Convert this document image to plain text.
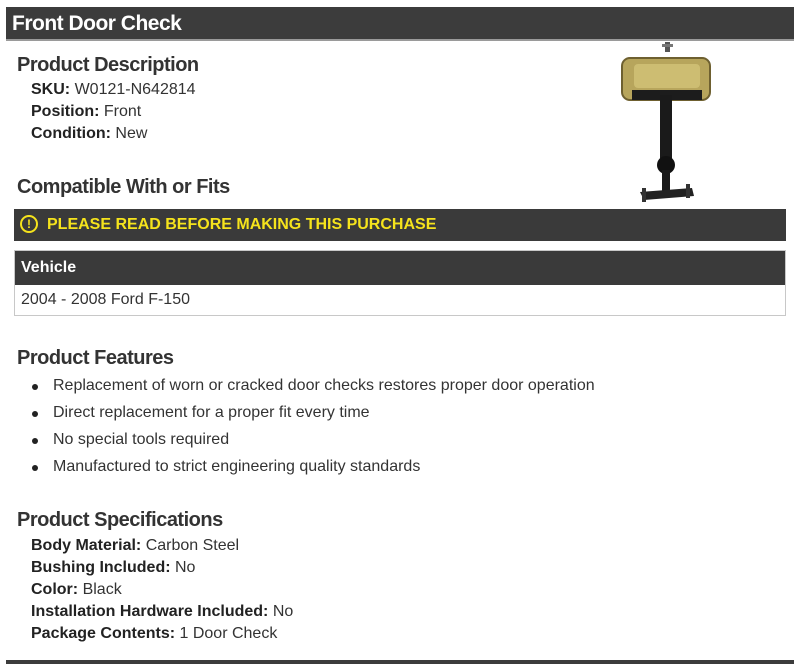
Front Door Check
Product Description
SKU: W0121-N642814
Position: Front
Condition: New
Compatible With or Fits
!	PLEASE READ BEFORE MAKING THIS PURCHASE
Vehicle
2004 - 2008 Ford F-150
Product Features
Replacement of worn or cracked door checks restores proper door operation
Direct replacement for a proper fit every time
No special tools required
Manufactured to strict engineering quality standards
Product Specifications
Body Material: Carbon Steel
Bushing Included: No
Color: Black
Installation Hardware Included: No
Package Contents: 1 Door Check
